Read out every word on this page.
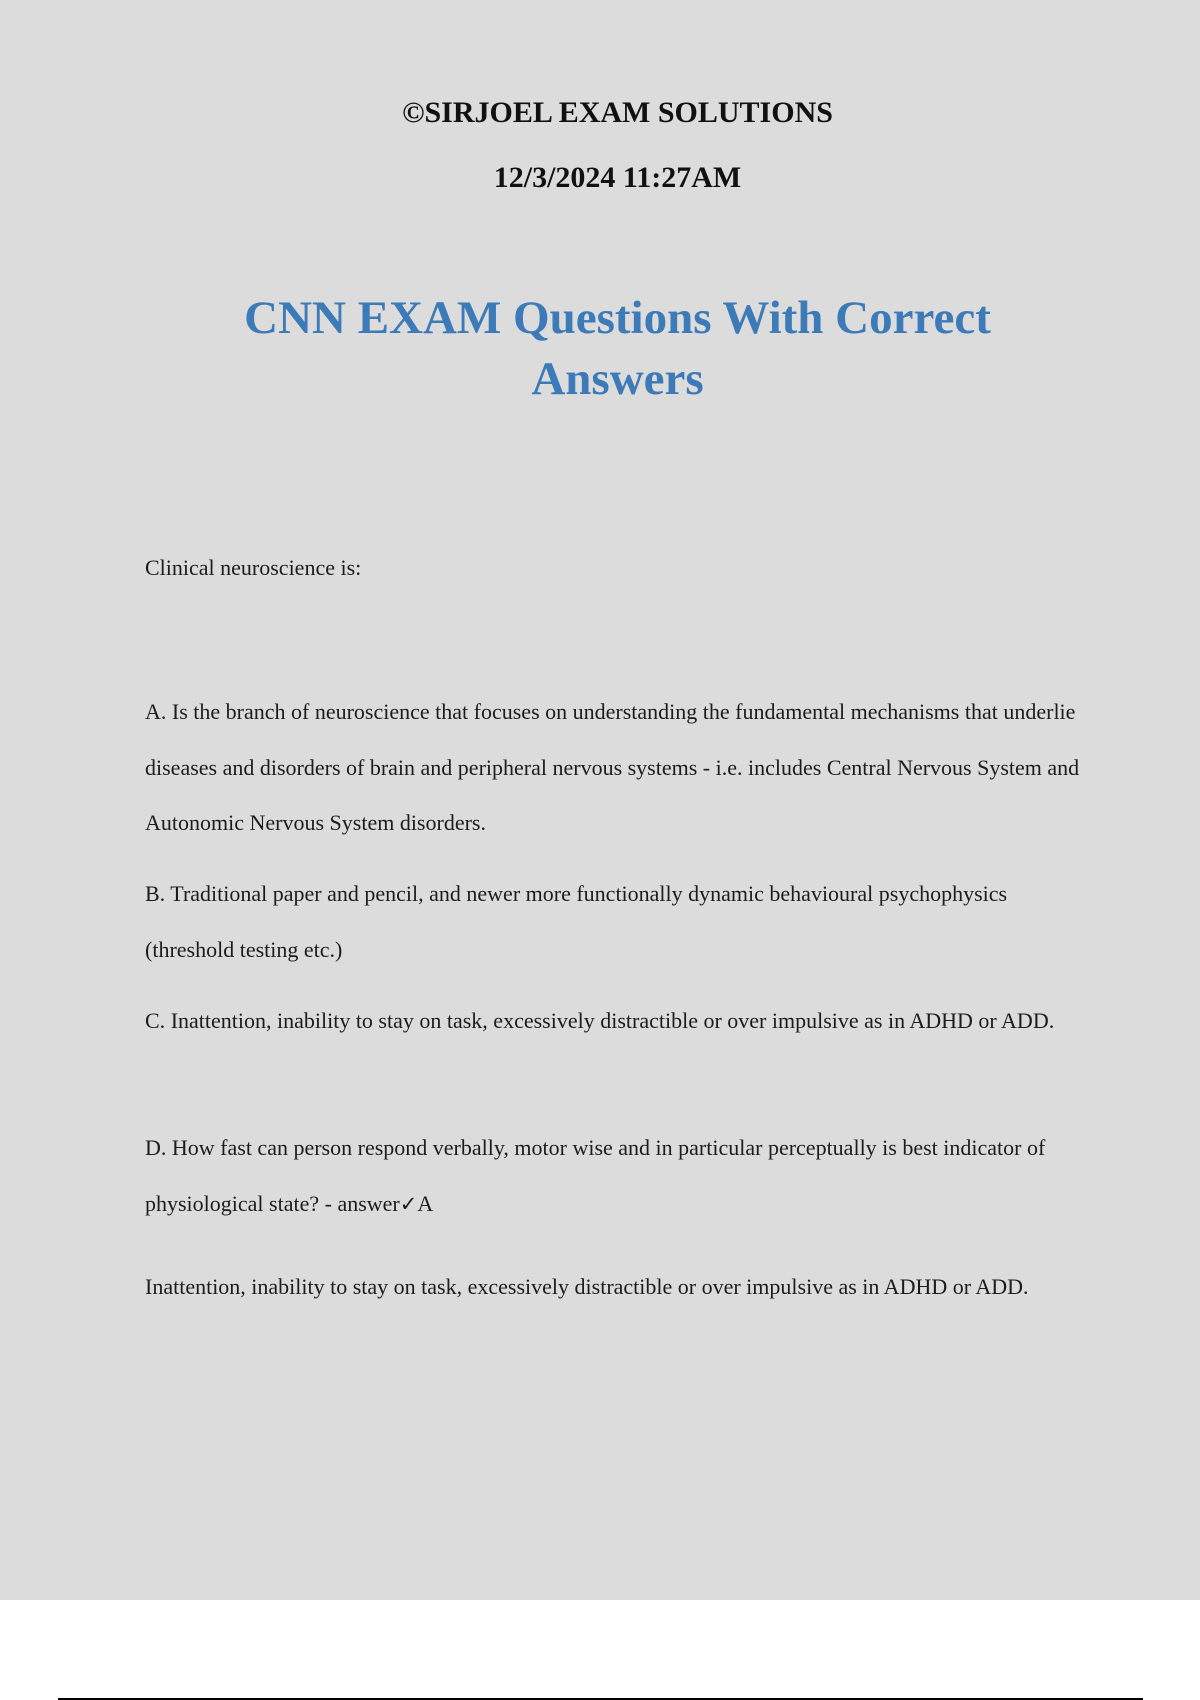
©SIRJOEL EXAM SOLUTIONS

12/3/2024 11:27AM

CNN EXAM Questions With Correct
Answers

Clinical neuroscience is:

A. Is the branch of neuroscience that focuses on understanding the fundamental mechanisms that underlie diseases and disorders of brain and peripheral nervous systems - i.e. includes Central Nervous System and Autonomic Nervous System disorders.

B. Traditional paper and pencil, and newer more functionally dynamic behavioural psychophysics (threshold testing etc.)

C. Inattention, inability to stay on task, excessively distractible or over impulsive as in ADHD or ADD.

D. How fast can person respond verbally, motor wise and in particular perceptually is best indicator of physiological state? - answer✓A

Inattention, inability to stay on task, excessively distractible or over impulsive as in ADHD or ADD.
